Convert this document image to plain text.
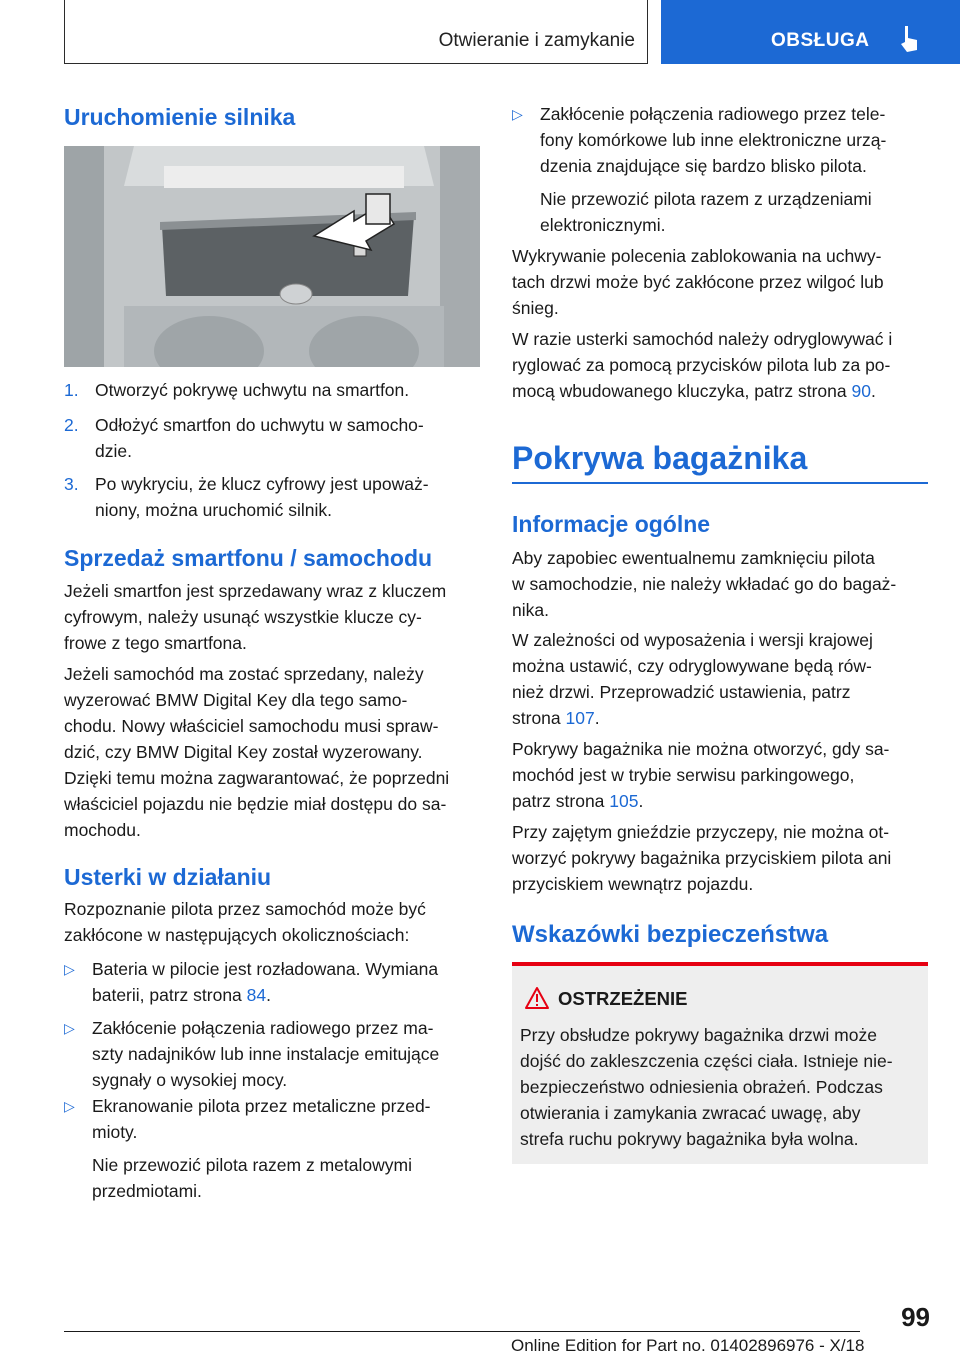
Otwieranie i zamykanie	OBSŁUGA
Uruchomienie silnika
1. Otworzyć pokrywę uchwytu na smartfon.
2. Odłożyć smartfon do uchwytu w samocho-
dzie.
3. Po wykryciu, że klucz cyfrowy jest upoważ-
niony, można uruchomić silnik.
Sprzedaż smartfonu / samochodu

Jeżeli smartfon jest sprzedawany wraz z kluczem
cyfrowym, należy usunąć wszystkie klucze cy-
frowe z tego smartfona.

Jeżeli samochód ma zostać sprzedany, należy
wyzerować BMW Digital Key dla tego samo-
chodu. Nowy właściciel samochodu musi spraw-
dzić, czy BMW Digital Key został wyzerowany.
Dzięki temu można zagwarantować, że poprzedni
właściciel pojazdu nie będzie miał dostępu do sa-
mochodu.

Usterki w działaniu

Rozpoznanie pilota przez samochód może być
zakłócone w następujących okolicznościach:

▷ Bateria w pilocie jest rozładowana. Wymiana
baterii, patrz strona 84.
▷ Zakłócenie połączenia radiowego przez ma-
szty nadajników lub inne instalacje emitujące
sygnały o wysokiej mocy.
▷ Ekranowanie pilota przez metaliczne przed-
mioty.

Nie przewozić pilota razem z metalowymi
przedmiotami.

▷ Zakłócenie połączenia radiowego przez tele-
fony komórkowe lub inne elektroniczne urzą-
dzenia znajdujące się bardzo blisko pilota.

Nie przewozić pilota razem z urządzeniami
elektronicznymi.

Wykrywanie polecenia zablokowania na uchwy-
tach drzwi może być zakłócone przez wilgoć lub
śnieg.

W razie usterki samochód należy odryglowywać i
ryglować za pomocą przycisków pilota lub za po-
mocą wbudowanego kluczyka, patrz strona 90.

Pokrywa bagażnika
Informacje ogólne

Aby zapobiec ewentualnemu zamknięciu pilota
w samochodzie, nie należy wkładać go do bagaż-
nika.

W zależności od wyposażenia i wersji krajowej
można ustawić, czy odryglowywane będą rów-
nież drzwi. Przeprowadzić ustawienia, patrz
strona 107.

Pokrywy bagażnika nie można otworzyć, gdy sa-
mochód jest w trybie serwisu parkingowego,
patrz strona 105.

Przy zajętym gnieździe przyczepy, nie można ot-
worzyć pokrywy bagażnika przyciskiem pilota ani
przyciskiem wewnątrz pojazdu.

Wskazówki bezpieczeństwa
OSTRZEŻENIE

Przy obsłudze pokrywy bagażnika drzwi może
dojść do zakleszczenia części ciała. Istnieje nie-
bezpieczeństwo odniesienia obrażeń. Podczas
otwierania i zamykania zwracać uwagę, aby
strefa ruchu pokrywy bagażnika była wolna.

99
Online Edition for Part no. 01402896976 - X/18
